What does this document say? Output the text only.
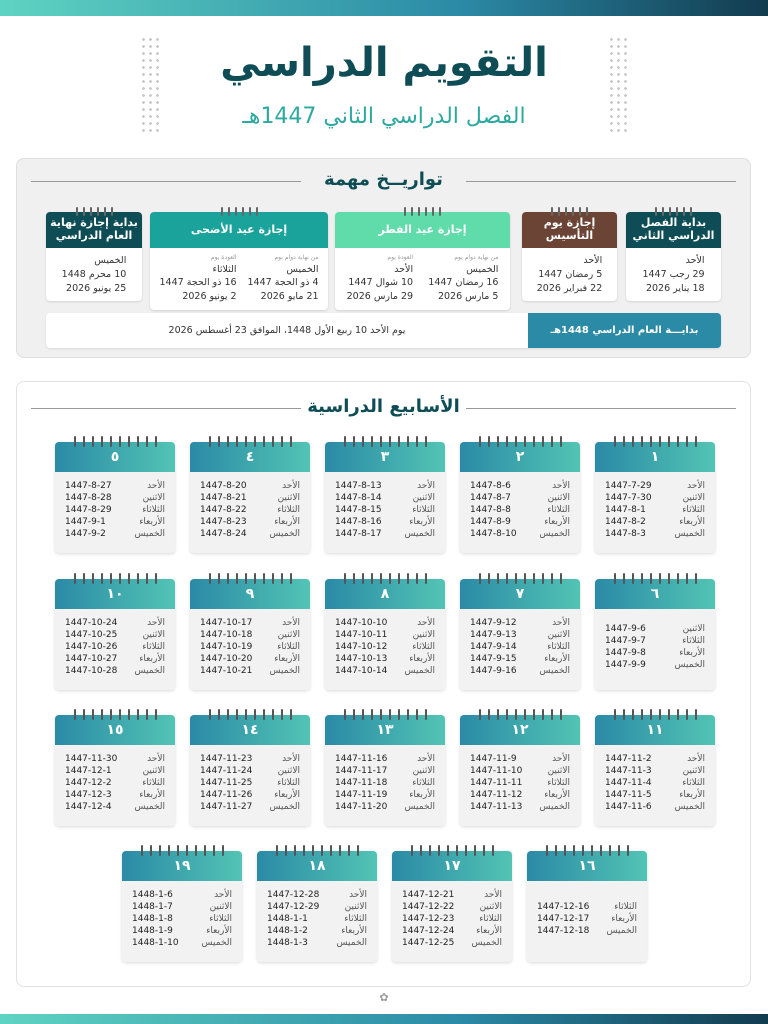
التقويم الدراسي
الفصل الدراسي الثاني 1447هـ
تواريــخ مهمة
بداية الفصل الدراسي الثاني
الأحد
29 رجب 1447
18 يناير 2026
إجازة يوم التأسيس
الأحد
5 رمضان 1447
22 فبراير 2026
إجازة عيد الفطر
من نهاية دوام يوم
الخميس
16 رمضان 1447
5 مارس 2026
العودة يوم
الأحد
10 شوال 1447
29 مارس 2026
إجازة عيد الأضحى
من نهاية دوام يوم
الخميس
4 ذو الحجة 1447
21 مايو 2026
العودة يوم
الثلاثاء
16 ذو الحجة 1447
2 يونيو 2026
بداية إجازة نهاية العام الدراسي
الخميس
10 محرم 1448
25 يونيو 2026
بدايـــة العام الدراسي 1448هـ
يوم الأحد 10 ربيع الأول 1448، الموافق 23 أغسطس 2026
الأسابيع الدراسية
١
1447-7-29	الأحد
1447-7-30	الاثنين
1447-8-1	الثلاثاء
1447-8-2	الأربعاء
1447-8-3	الخميس
٢
1447-8-6	الأحد
1447-8-7	الاثنين
1447-8-8	الثلاثاء
1447-8-9	الأربعاء
1447-8-10	الخميس
٣
1447-8-13	الأحد
1447-8-14	الاثنين
1447-8-15	الثلاثاء
1447-8-16	الأربعاء
1447-8-17	الخميس
٤
1447-8-20	الأحد
1447-8-21	الاثنين
1447-8-22	الثلاثاء
1447-8-23	الأربعاء
1447-8-24	الخميس
٥
1447-8-27	الأحد
1447-8-28	الاثنين
1447-8-29	الثلاثاء
1447-9-1	الأربعاء
1447-9-2	الخميس
٦
1447-9-6	الاثنين
1447-9-7	الثلاثاء
1447-9-8	الأربعاء
1447-9-9	الخميس
٧
1447-9-12	الأحد
1447-9-13	الاثنين
1447-9-14	الثلاثاء
1447-9-15	الأربعاء
1447-9-16	الخميس
٨
1447-10-10	الأحد
1447-10-11	الاثنين
1447-10-12	الثلاثاء
1447-10-13 الأربعاء
1447-10-14 الخميس
٩
1447-10-17	الأحد
1447-10-18	الاثنين
1447-10-19	الثلاثاء
1447-10-20 الأربعاء
1447-10-21 الخميس
١٠
1447-10-24	الأحد
1447-10-25	الاثنين
1447-10-26	الثلاثاء
1447-10-27 الأربعاء
1447-10-28 الخميس
١١
1447-11-2	الأحد
1447-11-3	الاثنين
1447-11-4	الثلاثاء
1447-11-5	الأربعاء
1447-11-6	الخميس
١٢
1447-11-9	الأحد
1447-11-10	الاثنين
1447-11-11	الثلاثاء
1447-11-12 الأربعاء
1447-11-13 الخميس
١٣
1447-11-16	الأحد
1447-11-17	الاثنين
1447-11-18	الثلاثاء
1447-11-19 الأربعاء
1447-11-20 الخميس
١٤
1447-11-23	الأحد
1447-11-24	الاثنين
1447-11-25	الثلاثاء
1447-11-26 الأربعاء
1447-11-27 الخميس
١٥
1447-11-30	الأحد
1447-12-1	الاثنين
1447-12-2	الثلاثاء
1447-12-3	الأربعاء
1447-12-4	الخميس
١٦
1447-12-16	الثلاثاء
1447-12-17 الأربعاء
1447-12-18 الخميس
١٧
1447-12-21	الأحد
1447-12-22	الاثنين
1447-12-23	الثلاثاء
1447-12-24 الأربعاء
1447-12-25 الخميس
١٨
1447-12-28	الأحد
1447-12-29	الاثنين
1448-1-1	الثلاثاء
1448-1-2	الأربعاء
1448-1-3	الخميس
١٩
1448-1-6	الأحد
1448-1-7	الاثنين
1448-1-8	الثلاثاء
1448-1-9	الأربعاء
1448-1-10	الخميس
✿
